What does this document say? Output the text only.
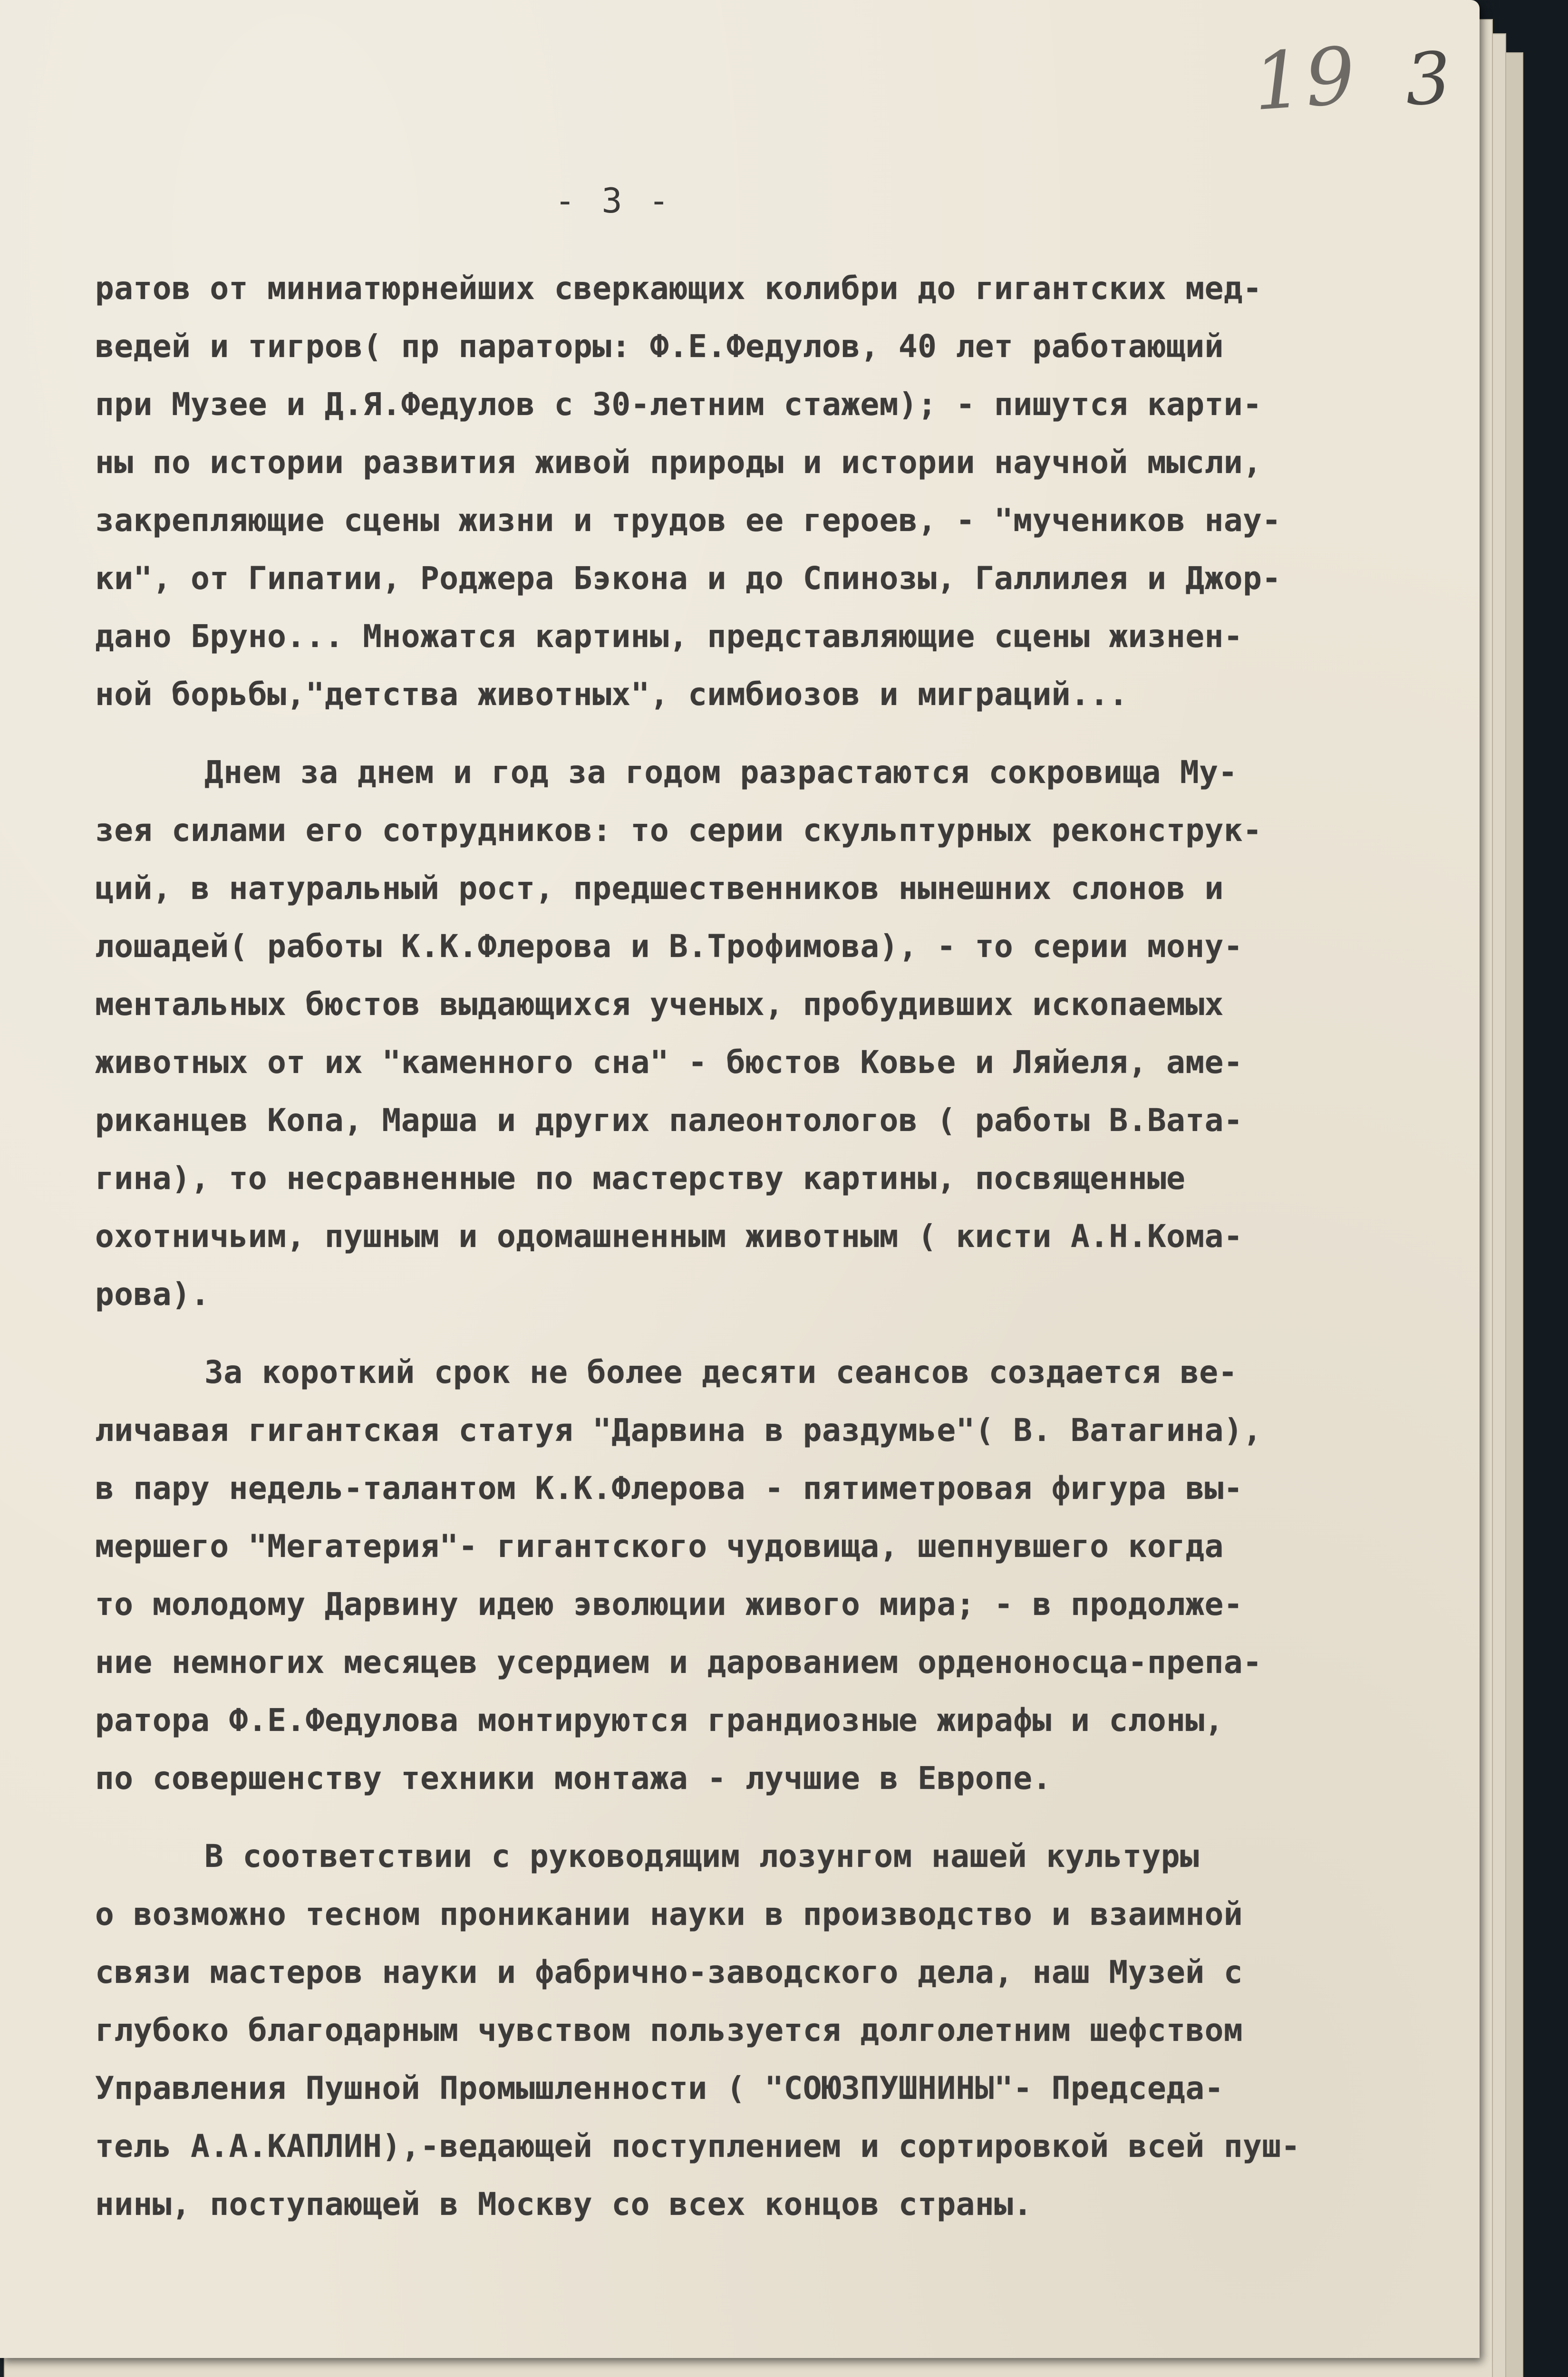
19 3
- 3 -
ратов от миниатюрнейших сверкающих колибри до гигантских мед-
ведей и тигров( пр параторы: Ф.Е.Федулов, 40 лет работающий
при Музее и Д.Я.Федулов с 30-летним стажем); - пишутся карти-
ны по истории развития живой природы и истории научной мысли,
закрепляющие сцены жизни и трудов ее героев, - "мучеников нау-
ки", от Гипатии, Роджера Бэкона и до Спинозы, Галлилея и Джор-
дано Бруно... Множатся картины, представляющие сцены жизнен-
ной борьбы,"детства животных", симбиозов и миграций...
Днем за днем и год за годом разрастаются сокровища Му-
зея силами его сотрудников: то серии скульптурных реконструк-
ций, в натуральный рост, предшественников нынешних слонов и
лошадей( работы К.К.Флерова и В.Трофимова), - то серии монy-
ментальных бюстов выдающихся ученых, пробудивших ископаемых
животных от их "каменного сна" - бюстов Ковье и Ляйеля, аме-
риканцев Копа, Марша и других палеонтологов ( работы В.Вата-
гина), то несравненные по мастерству картины, посвященные
охотничьим, пушным и одомашненным животным ( кисти А.Н.Кома-
рова).
За короткий срок не более десяти сеансов создается ве-
личавая гигантская статуя "Дарвина в раздумье"( В. Ватагина),
в пару недель-талантом К.К.Флерова - пятиметровая фигура вы-
мершего "Мегатерия"- гигантского чудовища, шепнувшего когда
то молодому Дарвину идею эволюции живого мира; - в продолже-
ние немногих месяцев усердием и дарованием орденоносца-препа-
ратора Ф.Е.Федулова монтируются грандиозные жирафы и слоны,
по совершенству техники монтажа - лучшие в Европе.
В соответствии с руководящим лозунгом нашей культуры
о возможно тесном проникании науки в производство и взаимной
связи мастеров науки и фабрично-заводского дела, наш Музей с
глубоко благодарным чувством пользуется долголетним шефством
Управления Пушной Промышленности ( "СОЮЗПУШНИНЫ"- Председа-
тель А.А.КАПЛИН),-ведающей поступлением и сортировкой всей пуш-
нины, поступающей в Москву со всех концов страны.
